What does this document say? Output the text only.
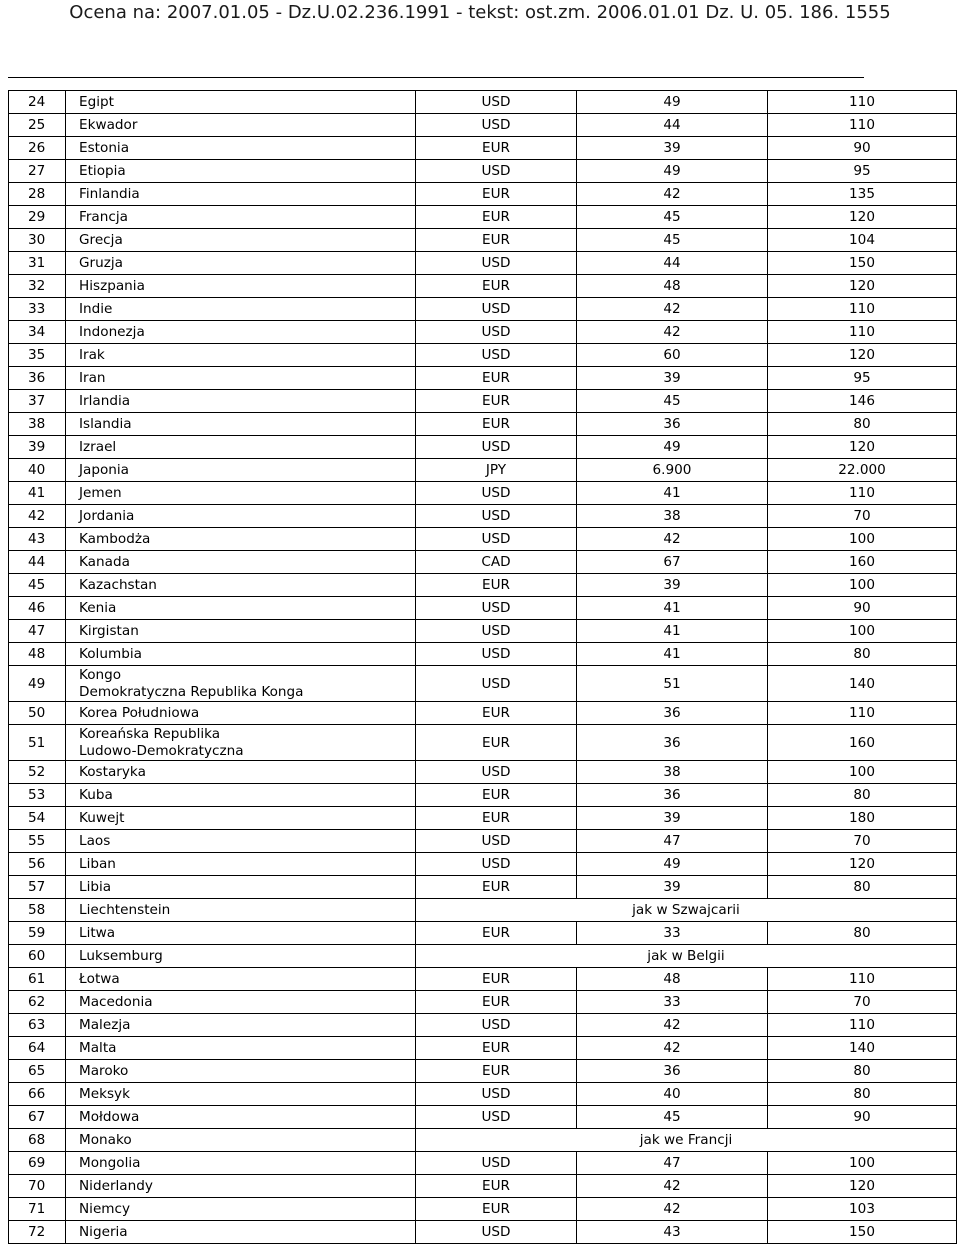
Ocena na: 2007.01.05 - Dz.U.02.236.1991 - tekst: ost.zm. 2006.01.01 Dz. U. 05. 186. 1555
24	Egipt	USD	49	110
25	Ekwador	USD	44	110
26	Estonia	EUR	39	90
27	Etiopia	USD	49	95
28	Finlandia	EUR	42	135
29	Francja	EUR	45	120
30	Grecja	EUR	45	104
31	Gruzja	USD	44	150
32	Hiszpania	EUR	48	120
33	Indie	USD	42	110
34	Indonezja	USD	42	110
35	Irak	USD	60	120
36	Iran	EUR	39	95
37	Irlandia	EUR	45	146
38	Islandia	EUR	36	80
39	Izrael	USD	49	120
40	Japonia	JPY	6.900	22.000
41	Jemen	USD	41	110
42	Jordania	USD	38	70
43	Kambodża	USD	42	100
44	Kanada	CAD	67	160
45	Kazachstan	EUR	39	100
46	Kenia	USD	41	90
47	Kirgistan	USD	41	100
48	Kolumbia	USD	41	80
49	Kongo
Demokratyczna Republika Konga	USD	51	140
50	Korea Południowa	EUR	36	110
51	Koreańska Republika
Ludowo-Demokratyczna	EUR	36	160
52	Kostaryka	USD	38	100
53	Kuba	EUR	36	80
54	Kuwejt	EUR	39	180
55	Laos	USD	47	70
56	Liban	USD	49	120
57	Libia	EUR	39	80
58	Liechtenstein	jak w Szwajcarii		
59	Litwa	EUR	33	80
60	Luksemburg	jak w Belgii		
61	Łotwa	EUR	48	110
62	Macedonia	EUR	33	70
63	Malezja	USD	42	110
64	Malta	EUR	42	140
65	Maroko	EUR	36	80
66	Meksyk	USD	40	80
67	Mołdowa	USD	45	90
68	Monako	jak we Francji		
69	Mongolia	USD	47	100
70	Niderlandy	EUR	42	120
71	Niemcy	EUR	42	103
72	Nigeria	USD	43	150
